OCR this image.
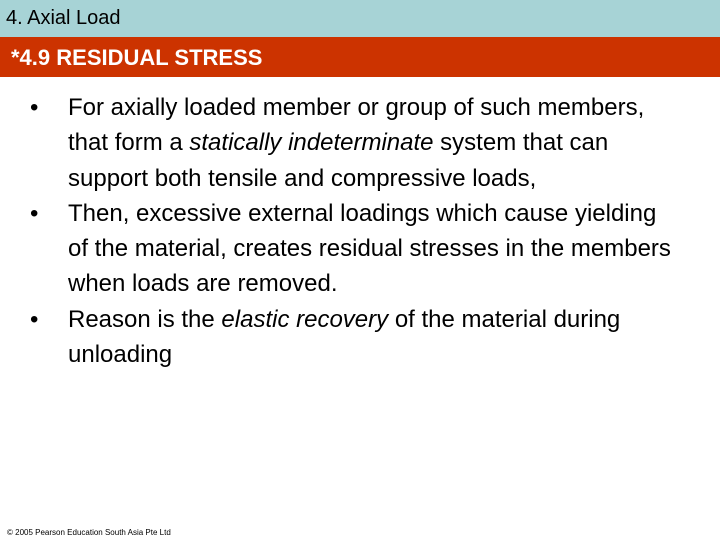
4. Axial Load
*4.9 RESIDUAL STRESS
• For axially loaded member or group of such members, that form a statically indeterminate system that can support both tensile and compressive loads,
• Then, excessive external loadings which cause yielding of the material, creates residual stresses in the members when loads are removed.
• Reason is the elastic recovery of the material during unloading
© 2005 Pearson Education South Asia Pte Ltd
